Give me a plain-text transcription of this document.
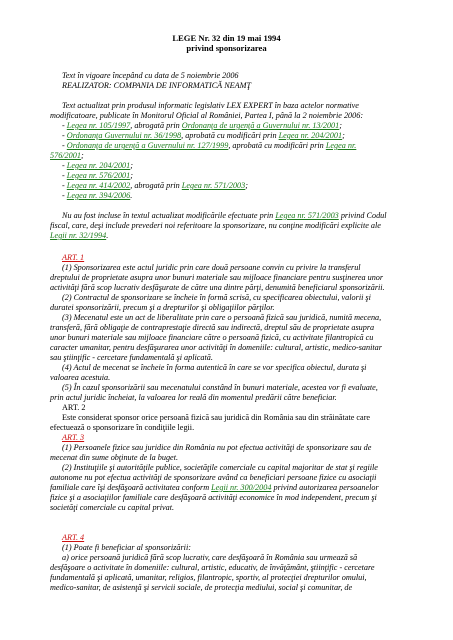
LEGE Nr. 32 din 19 mai 1994
privind sponsorizarea
Text în vigoare începând cu data de 5 noiembrie 2006
REALIZATOR: COMPANIA DE INFORMATICĂ NEAMŢ
Text actualizat prin produsul informatic legislativ LEX EXPERT în baza actelor normative
modificatoare, publicate în Monitorul Oficial al României, Partea I, până la 2 noiembrie 2006:
- Legea nr. 105/1997, abrogată prin Ordonanţa de urgenţă a Guvernului nr. 13/2001;
- Ordonanţa Guvernului nr. 36/1998, aprobată cu modificări prin Legea nr. 204/2001;
- Ordonanţa de urgenţă a Guvernului nr. 127/1999, aprobată cu modificări prin Legea nr.
576/2001;
- Legea nr. 204/2001;
- Legea nr. 576/2001;
- Legea nr. 414/2002, abrogată prin Legea nr. 571/2003;
- Legea nr. 394/2006.
Nu au fost incluse în textul actualizat modificările efectuate prin Legea nr. 571/2003 privind Codul
fiscal, care, deşi include prevederi noi referitoare la sponsorizare, nu conţine modificări explicite ale
Legii nr. 32/1994.
ART. 1
(1) Sponsorizarea este actul juridic prin care două persoane convin cu privire la transferul
dreptului de proprietate asupra unor bunuri materiale sau mijloace financiare pentru susţinerea unor
activităţi fără scop lucrativ desfăşurate de către una dintre părţi, denumită beneficiarul sponsorizării.
(2) Contractul de sponsorizare se încheie în formă scrisă, cu specificarea obiectului, valorii şi
duratei sponsorizării, precum şi a drepturilor şi obligaţiilor părţilor.
(3) Mecenatul este un act de liberalitate prin care o persoană fizică sau juridică, numită mecena,
transferă, fără obligaţie de contraprestaţie directă sau indirectă, dreptul său de proprietate asupra
unor bunuri materiale sau mijloace financiare către o persoană fizică, cu activitate filantropică cu
caracter umanitar, pentru desfăşurarea unor activităţi în domeniile: cultural, artistic, medico-sanitar
sau ştiinţific - cercetare fundamentală şi aplicată.
(4) Actul de mecenat se încheie în forma autentică în care se vor specifica obiectul, durata şi
valoarea acestuia.
(5) În cazul sponsorizării sau mecenatului constând în bunuri materiale, acestea vor fi evaluate,
prin actul juridic încheiat, la valoarea lor reală din momentul predării către beneficiar.
ART. 2
Este considerat sponsor orice persoană fizică sau juridică din România sau din străinătate care
efectuează o sponsorizare în condiţiile legii.
ART. 3
(1) Persoanele fizice sau juridice din România nu pot efectua activităţi de sponsorizare sau de
mecenat din sume obţinute de la buget.
(2) Instituţiile şi autorităţile publice, societăţile comerciale cu capital majoritar de stat şi regiile
autonome nu pot efectua activităţi de sponsorizare având ca beneficiari persoane fizice cu asociaţii
familiale care îşi desfăşoară activitatea conform Legii nr. 300/2004 privind autorizarea persoanelor
fizice şi a asociaţiilor familiale care desfăşoară activităţi economice în mod independent, precum şi
societăţi comerciale cu capital privat.
ART. 4
(1) Poate fi beneficiar al sponsorizării:
a) orice persoană juridică fără scop lucrativ, care desfăşoară în România sau urmează să
desfăşoare o activitate în domeniile: cultural, artistic, educativ, de învăţământ, ştiinţific - cercetare
fundamentală şi aplicată, umanitar, religios, filantropic, sportiv, al protecţiei drepturilor omului,
medico-sanitar, de asistenţă şi servicii sociale, de protecţia mediului, social şi comunitar, de
